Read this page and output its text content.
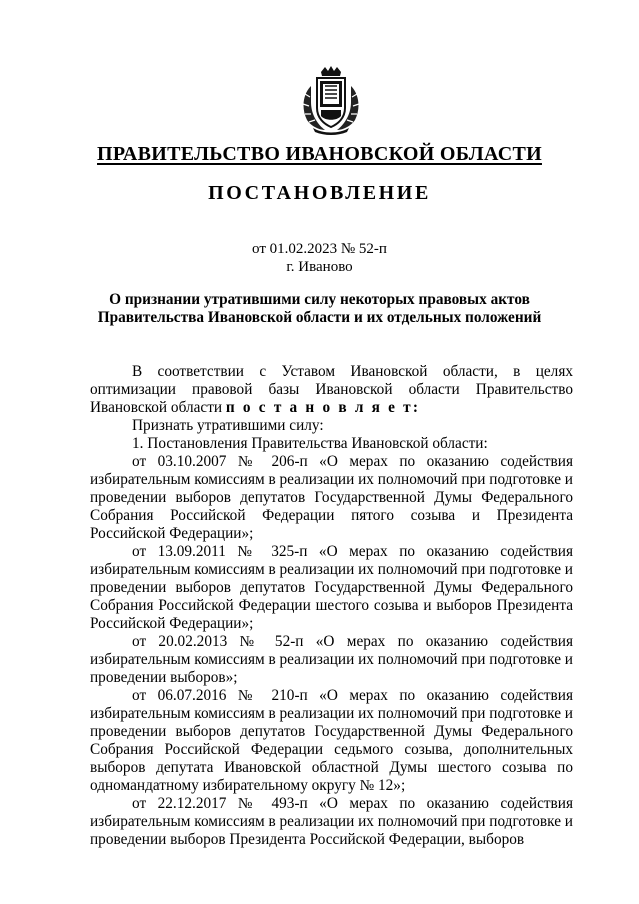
ПРАВИТЕЛЬСТВО ИВАНОВСКОЙ ОБЛАСТИ
ПОСТАНОВЛЕНИЕ
от 01.02.2023 № 52-п
г. Иваново
О признании утратившими силу некоторых правовых актов
Правительства Ивановской области и их отдельных положений

В соответствии с Уставом Ивановской области, в целях оптимизации правовой базы Ивановской области Правительство Ивановской области п о с т а н о в л я е т:

Признать утратившими силу:

1. Постановления Правительства Ивановской области:

от 03.10.2007 № 206-п «О мерах по оказанию содействия избирательным комиссиям в реализации их полномочий при подготовке и проведении выборов депутатов Государственной Думы Федерального Собрания Российской Федерации пятого созыва и Президента Российской Федерации»;

от 13.09.2011 № 325-п «О мерах по оказанию содействия избирательным комиссиям в реализации их полномочий при подготовке и проведении выборов депутатов Государственной Думы Федерального Собрания Российской Федерации шестого созыва и выборов Президента Российской Федерации»;

от 20.02.2013 № 52-п «О мерах по оказанию содействия избирательным комиссиям в реализации их полномочий при подготовке и проведении выборов»;

от 06.07.2016 № 210-п «О мерах по оказанию содействия избирательным комиссиям в реализации их полномочий при подготовке и проведении выборов депутатов Государственной Думы Федерального Собрания Российской Федерации седьмого созыва, дополнительных выборов депутата Ивановской областной Думы шестого созыва по одномандатному избирательному округу № 12»;

от 22.12.2017 № 493-п «О мерах по оказанию содействия избирательным комиссиям в реализации их полномочий при подготовке и проведении выборов Президента Российской Федерации, выборов
